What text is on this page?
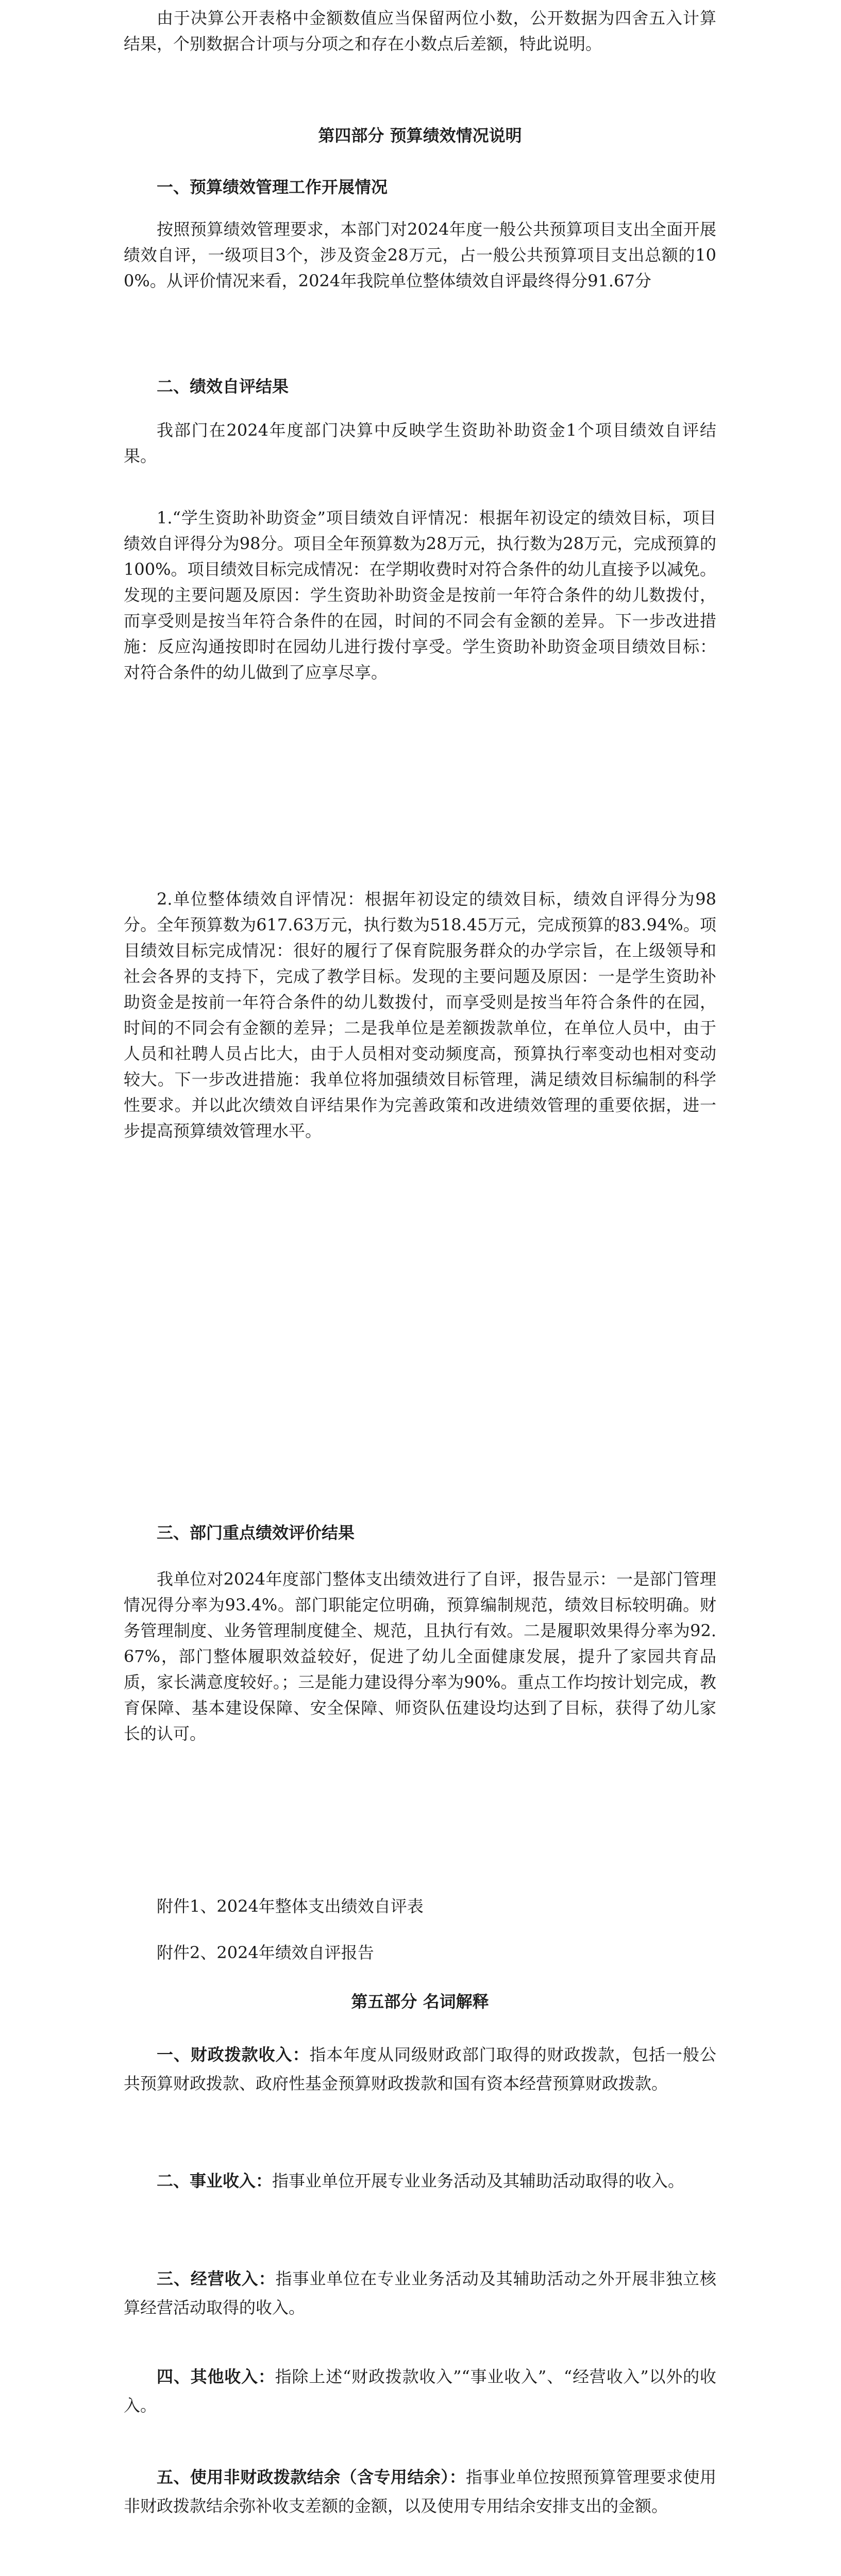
由于决算公开表格中金额数值应当保留两位小数，公开数据为四舍五入计算结果，个别数据合计项与分项之和存在小数点后差额，特此说明。

第四部分 预算绩效情况说明

一、预算绩效管理工作开展情况

按照预算绩效管理要求，本部门对2024年度一般公共预算项目支出全面开展绩效自评，一级项目3个，涉及资金28万元，占一般公共预算项目支出总额的100%。从评价情况来看，2024年我院单位整体绩效自评最终得分91.67分

二、绩效自评结果

我部门在2024年度部门决算中反映学生资助补助资金1个项目绩效自评结果。

1.“学生资助补助资金”项目绩效自评情况：根据年初设定的绩效目标，项目绩效自评得分为98分。项目全年预算数为28万元，执行数为28万元，完成预算的100%。项目绩效目标完成情况：在学期收费时对符合条件的幼儿直接予以减免。发现的主要问题及原因：学生资助补助资金是按前一年符合条件的幼儿数拨付，而享受则是按当年符合条件的在园，时间的不同会有金额的差异。下一步改进措施：反应沟通按即时在园幼儿进行拨付享受。学生资助补助资金项目绩效目标：对符合条件的幼儿做到了应享尽享。

2.单位整体绩效自评情况：根据年初设定的绩效目标，绩效自评得分为98分。全年预算数为617.63万元，执行数为518.45万元，完成预算的83.94%。项目绩效目标完成情况：很好的履行了保育院服务群众的办学宗旨，在上级领导和社会各界的支持下，完成了教学目标。发现的主要问题及原因：一是学生资助补助资金是按前一年符合条件的幼儿数拨付，而享受则是按当年符合条件的在园，时间的不同会有金额的差异；二是我单位是差额拨款单位，在单位人员中，由于人员和社聘人员占比大，由于人员相对变动频度高，预算执行率变动也相对变动较大。下一步改进措施：我单位将加强绩效目标管理，满足绩效目标编制的科学性要求。并以此次绩效自评结果作为完善政策和改进绩效管理的重要依据，进一步提高预算绩效管理水平。

三、部门重点绩效评价结果

我单位对2024年度部门整体支出绩效进行了自评，报告显示：一是部门管理情况得分率为93.4%。部门职能定位明确，预算编制规范，绩效目标较明确。财务管理制度、业务管理制度健全、规范，且执行有效。二是履职效果得分率为92.67%，部门整体履职效益较好，促进了幼儿全面健康发展，提升了家园共育品质，家长满意度较好。；三是能力建设得分率为90%。重点工作均按计划完成，教育保障、基本建设保障、安全保障、师资队伍建设均达到了目标，获得了幼儿家长的认可。

附件1、2024年整体支出绩效自评表

附件2、2024年绩效自评报告

第五部分 名词解释

一、财政拨款收入：指本年度从同级财政部门取得的财政拨款，包括一般公共预算财政拨款、政府性基金预算财政拨款和国有资本经营预算财政拨款。

二、事业收入：指事业单位开展专业业务活动及其辅助活动取得的收入。

三、经营收入：指事业单位在专业业务活动及其辅助活动之外开展非独立核算经营活动取得的收入。

四、其他收入：指除上述“财政拨款收入”“事业收入”、“经营收入”以外的收入。

五、使用非财政拨款结余（含专用结余）：指事业单位按照预算管理要求使用非财政拨款结余弥补收支差额的金额，以及使用专用结余安排支出的金额。
